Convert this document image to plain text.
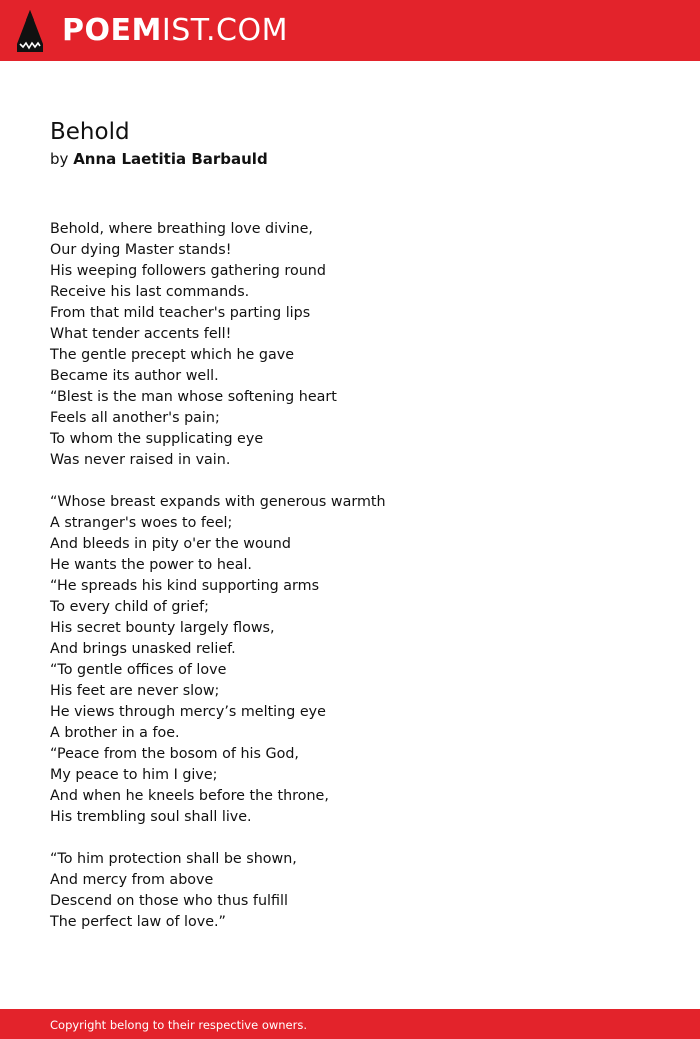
POEMIST.COM
Behold
by Anna Laetitia Barbauld
Behold, where breathing love divine,
Our dying Master stands!
His weeping followers gathering round
Receive his last commands.
From that mild teacher's parting lips
What tender accents fell!
The gentle precept which he gave
Became its author well.
“Blest is the man whose softening heart
Feels all another's pain;
To whom the supplicating eye
Was never raised in vain.
“Whose breast expands with generous warmth
A stranger's woes to feel;
And bleeds in pity o'er the wound
He wants the power to heal.
“He spreads his kind supporting arms
To every child of grief;
His secret bounty largely flows,
And brings unasked relief.
“To gentle offices of love
His feet are never slow;
He views through mercy’s melting eye
A brother in a foe.
“Peace from the bosom of his God,
My peace to him I give;
And when he kneels before the throne,
His trembling soul shall live.
“To him protection shall be shown,
And mercy from above
Descend on those who thus fulfill
The perfect law of love.”
Copyright belong to their respective owners.
